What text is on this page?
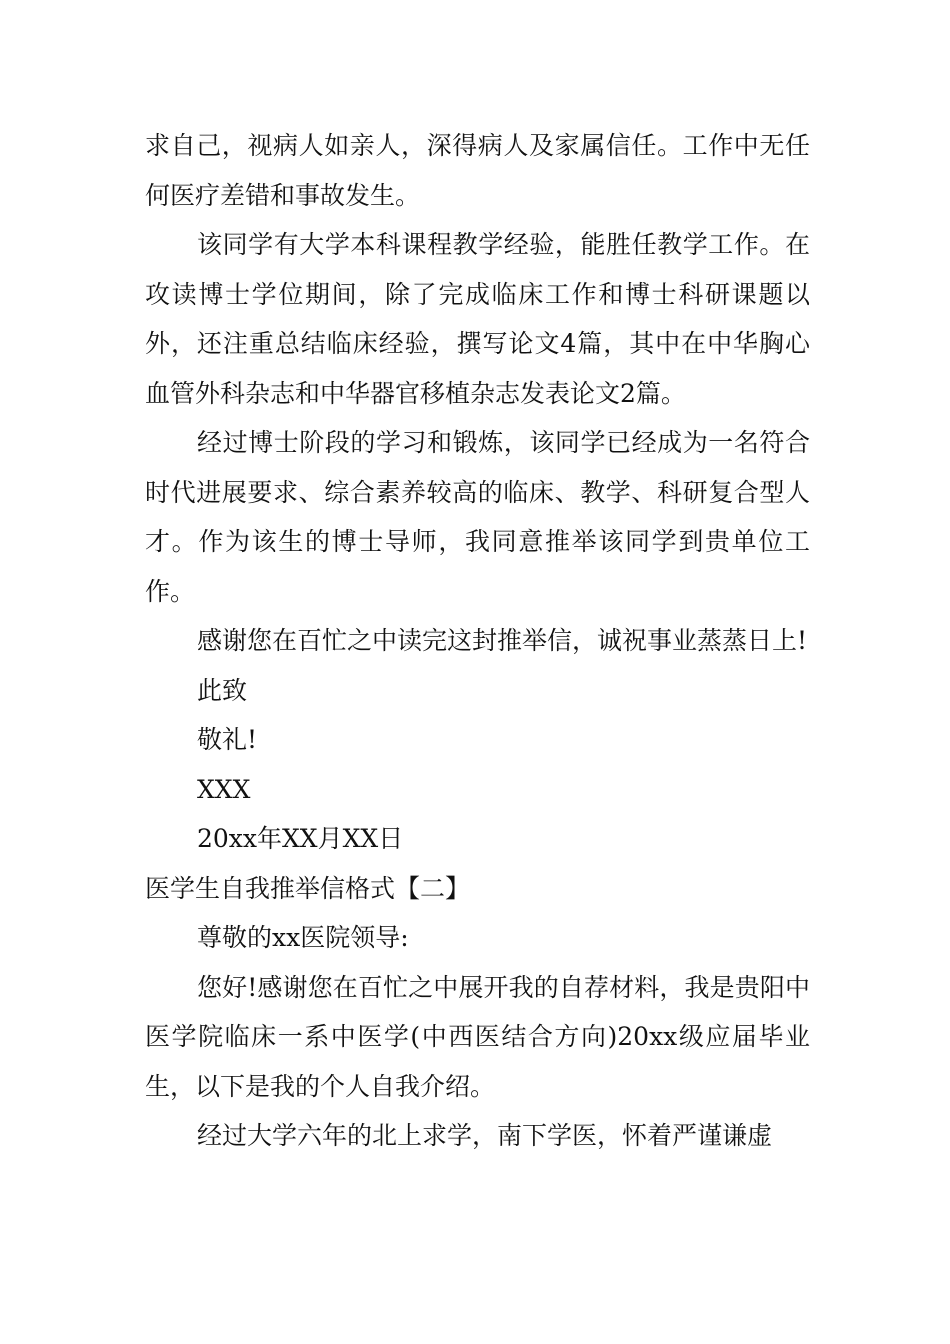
求自己，视病人如亲人，深得病人及家属信任。工作中无任何医疗差错和事故发生。

该同学有大学本科课程教学经验，能胜任教学工作。在攻读博士学位期间，除了完成临床工作和博士科研课题以外，还注重总结临床经验，撰写论文4篇，其中在中华胸心血管外科杂志和中华器官移植杂志发表论文2篇。

经过博士阶段的学习和锻炼，该同学已经成为一名符合时代进展要求、综合素养较高的临床、教学、科研复合型人才。作为该生的博士导师，我同意推举该同学到贵单位工作。

感谢您在百忙之中读完这封推举信，诚祝事业蒸蒸日上!

此致

敬礼!

XXX

20xx年XX月XX日

医学生自我推举信格式【二】

尊敬的xx医院领导:

您好!感谢您在百忙之中展开我的自荐材料，我是贵阳中医学院临床一系中医学(中西医结合方向)20xx级应届毕业生，以下是我的个人自我介绍。

经过大学六年的北上求学，南下学医，怀着严谨谦虚
